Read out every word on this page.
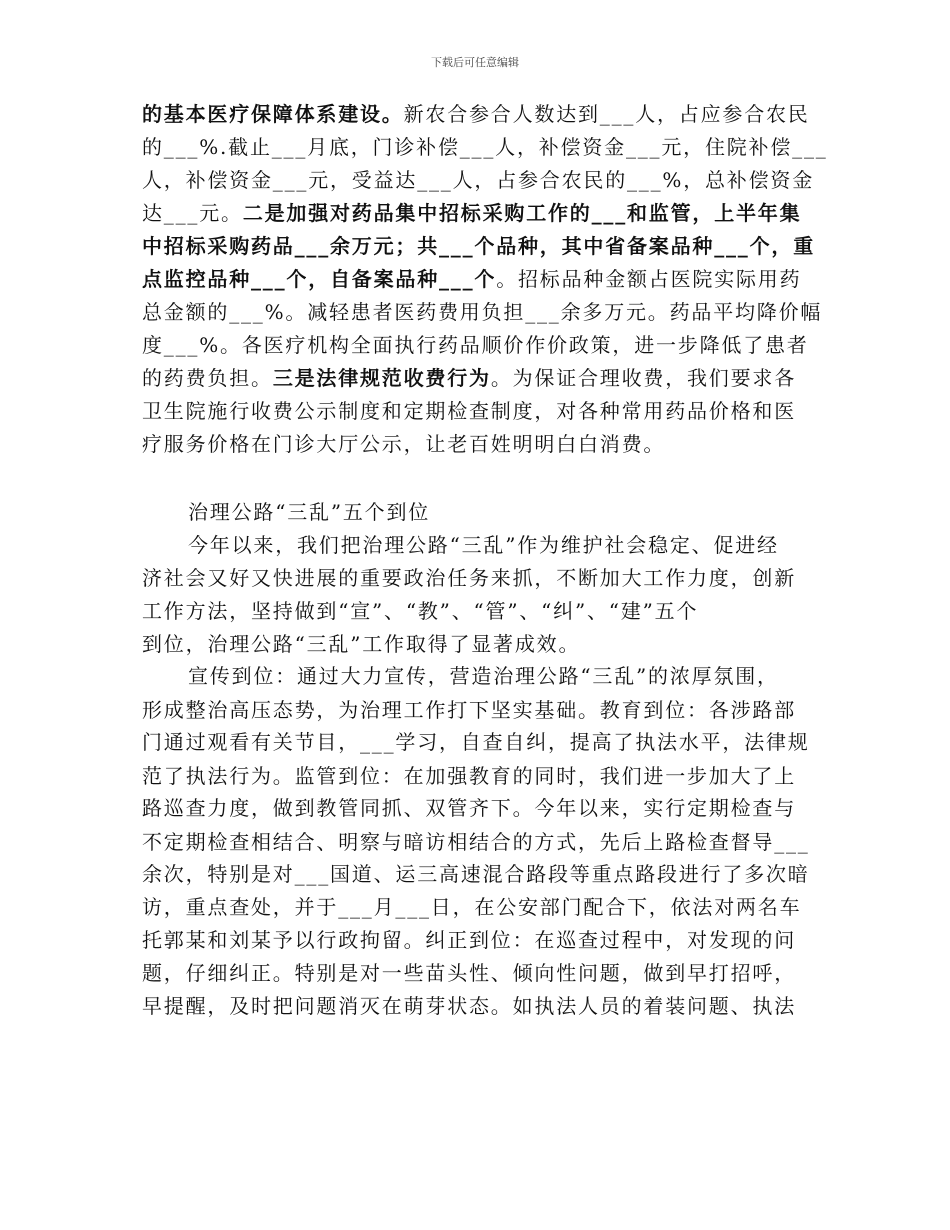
下载后可任意编辑
的基本医疗保障体系建设。新农合参合人数达到___人，占应参合农民
的___%.截止___月底，门诊补偿___人，补偿资金___元，住院补偿___
人，补偿资金___元，受益达___人，占参合农民的___%，总补偿资金
达___元。二是加强对药品集中招标采购工作的___和监管，上半年集
中招标采购药品___余万元；共___个品种，其中省备案品种___个，重
点监控品种___个，自备案品种___个。招标品种金额占医院实际用药
总金额的___%。减轻患者医药费用负担___余多万元。药品平均降价幅
度___%。各医疗机构全面执行药品顺价作价政策，进一步降低了患者
的药费负担。三是法律规范收费行为。为保证合理收费，我们要求各
卫生院施行收费公示制度和定期检查制度，对各种常用药品价格和医
疗服务价格在门诊大厅公示，让老百姓明明白白消费。
治理公路“三乱”五个到位
今年以来，我们把治理公路“三乱”作为维护社会稳定、促进经
济社会又好又快进展的重要政治任务来抓，不断加大工作力度，创新
工作方法，坚持做到“宣”、“教”、“管”、“纠”、“建”五个
到位，治理公路“三乱”工作取得了显著成效。
宣传到位：通过大力宣传，营造治理公路“三乱”的浓厚氛围，
形成整治高压态势，为治理工作打下坚实基础。教育到位：各涉路部
门通过观看有关节目，___学习，自查自纠，提高了执法水平，法律规
范了执法行为。监管到位：在加强教育的同时，我们进一步加大了上
路巡查力度，做到教管同抓、双管齐下。今年以来，实行定期检查与
不定期检查相结合、明察与暗访相结合的方式，先后上路检查督导___
余次，特别是对___国道、运三高速混合路段等重点路段进行了多次暗
访，重点查处，并于___月___日，在公安部门配合下，依法对两名车
托郭某和刘某予以行政拘留。纠正到位：在巡查过程中，对发现的问
题，仔细纠正。特别是对一些苗头性、倾向性问题，做到早打招呼，
早提醒，及时把问题消灭在萌芽状态。如执法人员的着装问题、执法
